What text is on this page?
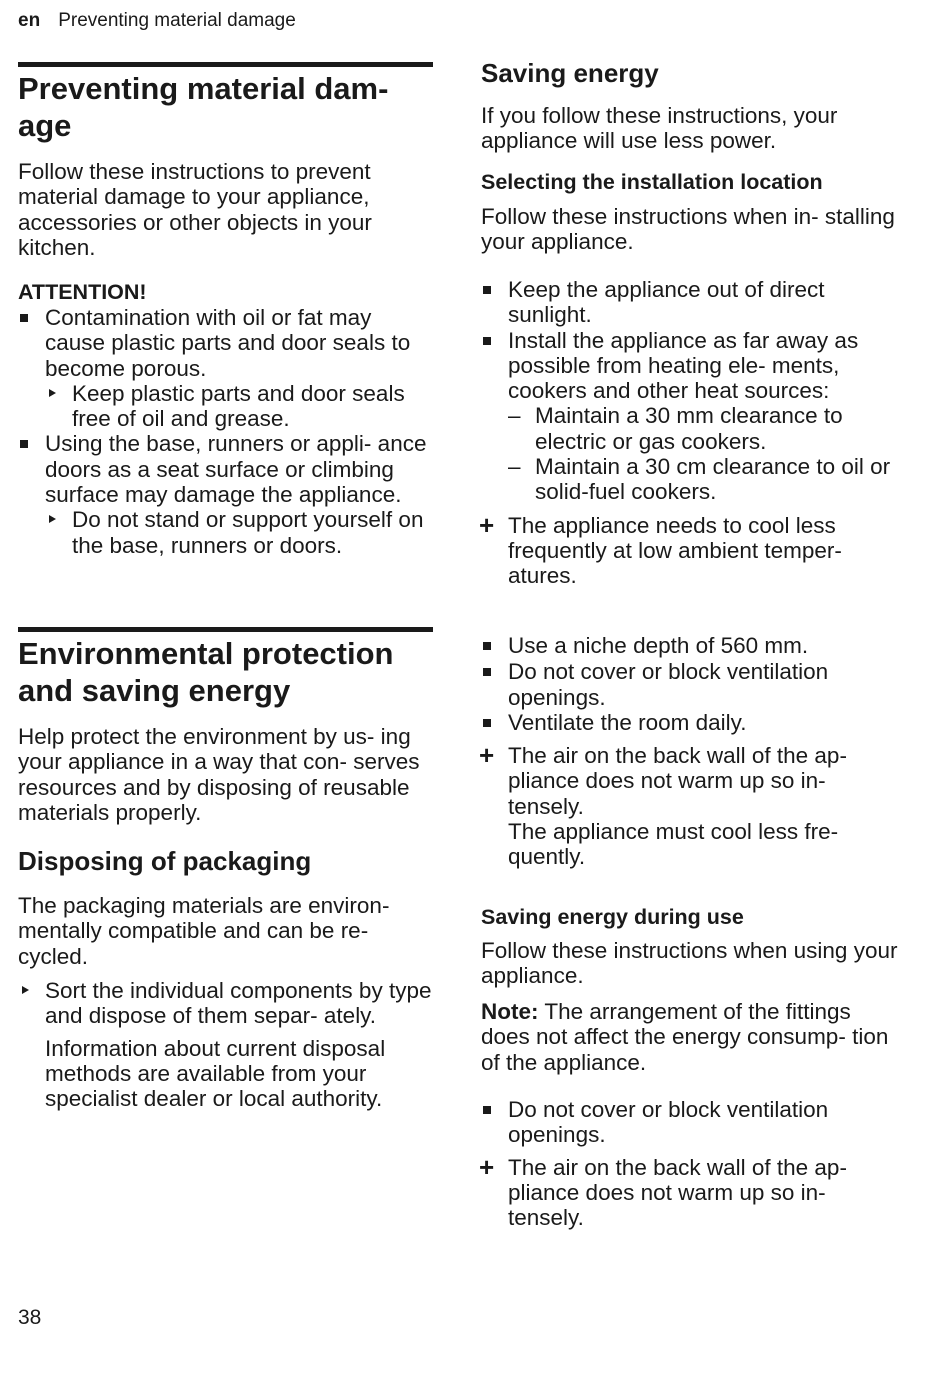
en Preventing material damage

Preventing material dam- age

Follow these instructions to prevent material damage to your appliance, accessories or other objects in your kitchen.

ATTENTION!

Contamination with oil or fat may cause plastic parts and door seals to become porous.
Keep plastic parts and door seals free of oil and grease.
Using the base, runners or appli- ance doors as a seat surface or climbing surface may damage the appliance.
Do not stand or support yourself on the base, runners or doors.

Environmental protection and saving energy

Help protect the environment by us- ing your appliance in a way that con- serves resources and by disposing of reusable materials properly.

Disposing of packaging

The packaging materials are environ- mentally compatible and can be re- cycled.

Sort the individual components by type and dispose of them separ- ately.
Information about current disposal methods are available from your specialist dealer or local authority.

Saving energy

If you follow these instructions, your appliance will use less power.

Selecting the installation location

Follow these instructions when in- stalling your appliance.

Keep the appliance out of direct sunlight.
Install the appliance as far away as possible from heating ele- ments, cookers and other heat sources:
– Maintain a 30 mm clearance to electric or gas cookers.
– Maintain a 30 cm clearance to oil or solid-fuel cookers.
+ The appliance needs to cool less frequently at low ambient temper- atures.
Use a niche depth of 560 mm.
Do not cover or block ventilation openings.
Ventilate the room daily.
+ The air on the back wall of the ap- pliance does not warm up so in- tensely.
The appliance must cool less fre- quently.

Saving energy during use

Follow these instructions when using your appliance.

Note: The arrangement of the fittings does not affect the energy consump- tion of the appliance.

Do not cover or block ventilation openings.
+ The air on the back wall of the ap- pliance does not warm up so in- tensely.
38
